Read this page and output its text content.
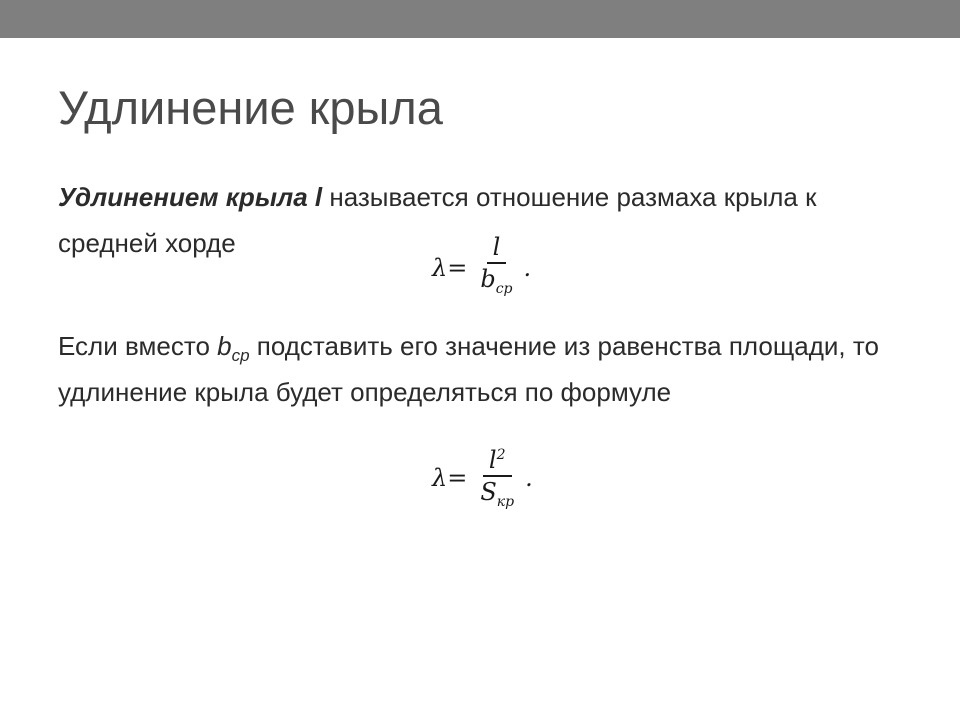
Удлинение крыла
Удлинением крыла l называется отношение размаха крыла к средней хорде
$\lambda= \frac{l}{b_{ср}}$ .
Если вместо $b_{ср}$ подставить его значение из равенства площади, то удлинение крыла будет определяться по формуле
$\lambda= \frac{l^2}{S_{кр}}$ .
